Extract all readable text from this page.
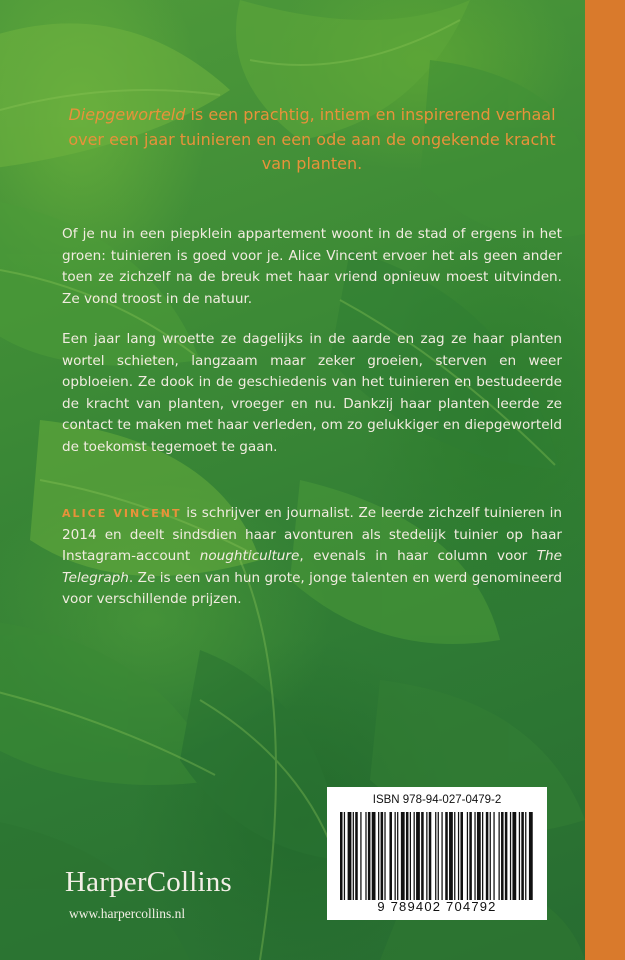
Diepgeworteld is een prachtig, intiem en inspirerend verhaal over een jaar tuinieren en een ode aan de ongekende kracht van planten.
Of je nu in een piepklein appartement woont in de stad of ergens in het groen: tuinieren is goed voor je. Alice Vincent ervoer het als geen ander toen ze zichzelf na de breuk met haar vriend opnieuw moest uitvinden. Ze vond troost in de natuur.
Een jaar lang wroette ze dagelijks in de aarde en zag ze haar planten wortel schieten, langzaam maar zeker groeien, sterven en weer opbloeien. Ze dook in de geschiedenis van het tuinieren en bestudeerde de kracht van planten, vroeger en nu. Dankzij haar planten leerde ze contact te maken met haar verleden, om zo gelukkiger en diepgeworteld de toekomst tegemoet te gaan.
ALICE VINCENT is schrijver en journalist. Ze leerde zichzelf tuinieren in 2014 en deelt sindsdien haar avonturen als stedelijk tuinier op haar Instagram-account noughticulture, evenals in haar column voor The Telegraph. Ze is een van hun grote, jonge talenten en werd genomineerd voor verschillende prijzen.
HarperCollins
www.harpercollins.nl
ISBN 978-94-027-0479-2
9 789402 704792
